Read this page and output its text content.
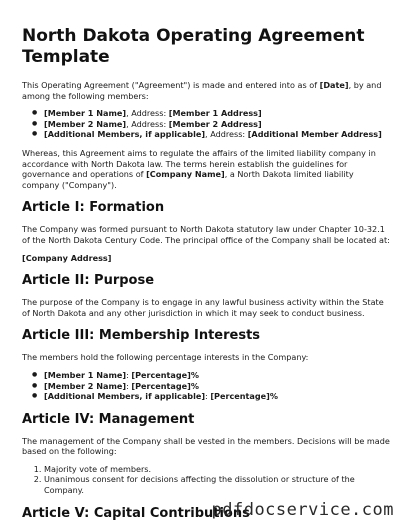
North Dakota Operating Agreement Template

This Operating Agreement ("Agreement") is made and entered into as of [Date], by and among the following members:

● [Member 1 Name], Address: [Member 1 Address]
● [Member 2 Name], Address: [Member 2 Address]
● [Additional Members, if applicable], Address: [Additional Member Address]

Whereas, this Agreement aims to regulate the affairs of the limited liability company in accordance with North Dakota law. The terms herein establish the guidelines for governance and operations of [Company Name], a North Dakota limited liability company ("Company").

Article I: Formation

The Company was formed pursuant to North Dakota statutory law under Chapter 10-32.1 of the North Dakota Century Code. The principal office of the Company shall be located at:

[Company Address]

Article II: Purpose

The purpose of the Company is to engage in any lawful business activity within the State of North Dakota and any other jurisdiction in which it may seek to conduct business.

Article III: Membership Interests

The members hold the following percentage interests in the Company:

● [Member 1 Name]: [Percentage]%
● [Member 2 Name]: [Percentage]%
● [Additional Members, if applicable]: [Percentage]%
Article IV: Management

The management of the Company shall be vested in the members. Decisions will be made based on the following:

1. Majority vote of members.
2. Unanimous consent for decisions affecting the dissolution or structure of the Company.
Article V: Capital Contributions
pdfdocservice.com
